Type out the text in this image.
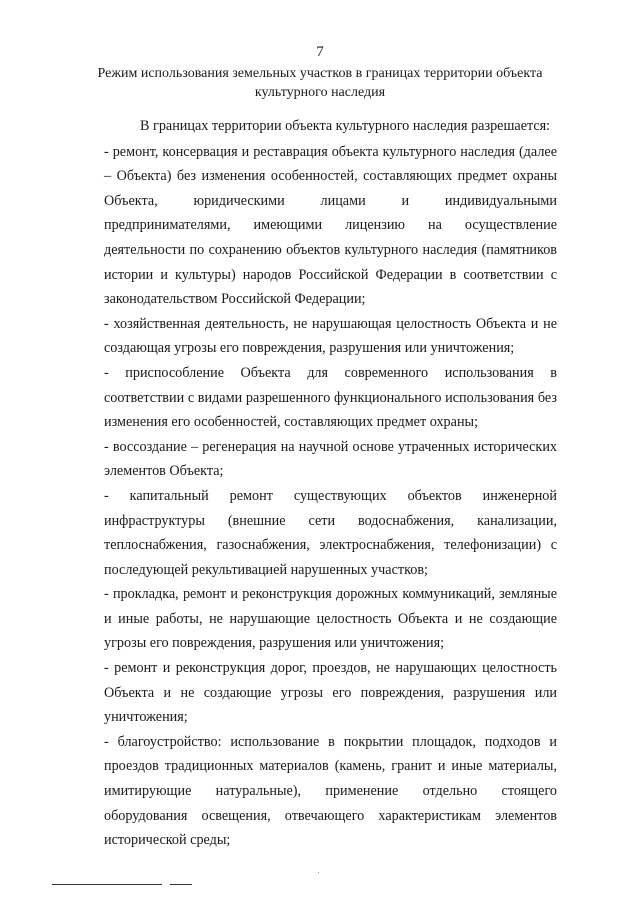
7
Режим использования земельных участков в границах территории объекта культурного наследия

В границах территории объекта культурного наследия разрешается:

- ремонт, консервация и реставрация объекта культурного наследия (далее – Объекта) без изменения особенностей, составляющих предмет охраны Объекта, юридическими лицами и индивидуальными предпринимателями, имеющими лицензию на осуществление деятельности по сохранению объектов культурного наследия (памятников истории и культуры) народов Российской Федерации в соответствии с законодательством Российской Федерации;

- хозяйственная деятельность, не нарушающая целостность Объекта и не создающая угрозы его повреждения, разрушения или уничтожения;

- приспособление Объекта для современного использования в соответствии с видами разрешенного функционального использования без изменения его особенностей, составляющих предмет охраны;

- воссоздание – регенерация на научной основе утраченных исторических элементов Объекта;

- капитальный ремонт существующих объектов инженерной инфраструктуры (внешние сети водоснабжения, канализации, теплоснабжения, газоснабжения, электроснабжения, телефонизации) с последующей рекультивацией нарушенных участков;

- прокладка, ремонт и реконструкция дорожных коммуникаций, земляные и иные работы, не нарушающие целостность Объекта и не создающие угрозы его повреждения, разрушения или уничтожения;

- ремонт и реконструкция дорог, проездов, не нарушающих целостность Объекта и не создающие угрозы его повреждения, разрушения или уничтожения;

- благоустройство: использование в покрытии площадок, подходов и проездов традиционных материалов (камень, гранит и иные материалы, имитирующие натуральные), применение отдельно стоящего оборудования освещения, отвечающего характеристикам элементов исторической среды;
